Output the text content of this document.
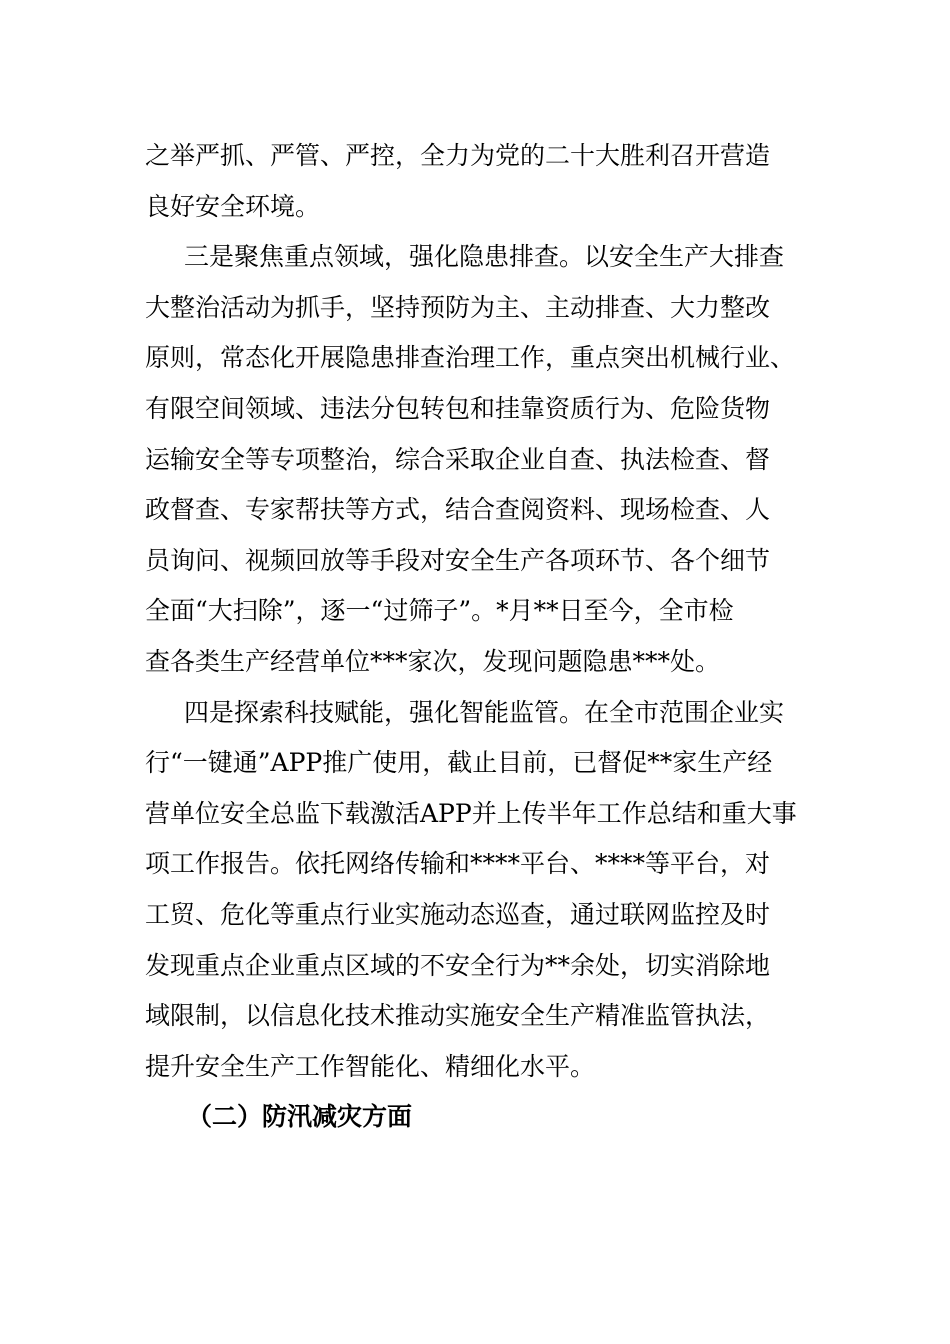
之举严抓、严管、严控，全力为党的二十大胜利召开营造
良好安全环境。
三是聚焦重点领域，强化隐患排查。以安全生产大排查
大整治活动为抓手，坚持预防为主、主动排查、大力整改
原则，常态化开展隐患排查治理工作，重点突出机械行业、
有限空间领域、违法分包转包和挂靠资质行为、危险货物
运输安全等专项整治，综合采取企业自查、执法检查、督
政督查、专家帮扶等方式，结合查阅资料、现场检查、人
员询问、视频回放等手段对安全生产各项环节、各个细节
全面“大扫除”，逐一“过筛子”。*月**日至今，全市检
查各类生产经营单位***家次，发现问题隐患***处。
四是探索科技赋能，强化智能监管。在全市范围企业实
行“一键通”APP推广使用，截止目前，已督促**家生产经
营单位安全总监下载激活APP并上传半年工作总结和重大事
项工作报告。依托网络传输和****平台、****等平台，对
工贸、危化等重点行业实施动态巡查，通过联网监控及时
发现重点企业重点区域的不安全行为**余处，切实消除地
域限制，以信息化技术推动实施安全生产精准监管执法，
提升安全生产工作智能化、精细化水平。
（二）防汛减灾方面
